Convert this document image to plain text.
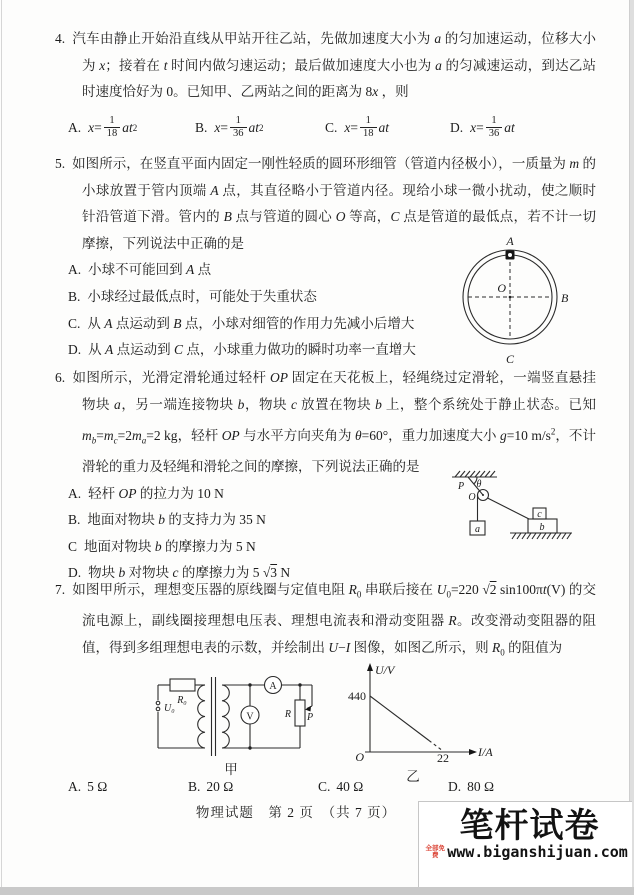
4. 汽车由静止开始沿直线从甲站开往乙站，先做加速度大小为 a 的匀加速运动，位移大小为 x；接着在 t 时间内做匀速运动；最后做加速度大小也为 a 的匀减速运动，到达乙站时速度恰好为 0。已知甲、乙两站之间的距离为 8x ，则

A. $x= \frac{1}{18}$ at 2	B. $x= \frac{1}{36}$ at 2	C. $x= \frac{1}{18}$ at	D. $x= \frac{1}{36}$ at

5. 如图所示，在竖直平面内固定一刚性轻质的圆环形细管（管道内径极小），一质量为 m 的小球放置于管内顶端 A 点，其直径略小于管道内径。现给小球一微小扰动，使之顺时针沿管道下滑。管内的 B 点与管道的圆心 O 等高，C 点是管道的最低点，若不计一切摩擦，下列说法中正确的是

A. 小球不可能回到 A 点
B. 小球经过最低点时，可能处于失重状态
C. 从 A 点运动到 B 点，小球对细管的作用力先减小后增大
D. 从 A 点运动到 C 点，小球重力做功的瞬时功率一直增大
A
B
C
O

6. 如图所示，光滑定滑轮通过轻杆 OP 固定在天花板上，轻绳绕过定滑轮，一端竖直悬挂物块 a，另一端连接物块 b，物块 c 放置在物块 b 上，整个系统处于静止状态。已知 $m_b=m_c=2m_a=2$ kg，轻杆 OP 与水平方向夹角为 θ=60°，重力加速度大小 g=10 $m/s^2$，不计滑轮的重力及轻绳和滑轮之间的摩擦，下列说法正确的是

A. 轻杆 OP 的拉力为 10 N
B. 地面对物块 b 的支持力为 35 N
C 地面对物块 b 的摩擦力为 5 N
D. 物块 b 对物块 c 的摩擦力为 5 √3 N
P θ
O
a
c
b

7. 如图甲所示，理想变压器的原线圈与定值电阻 $R_0$ 串联后接在 $U_0=220$ √2 sin100πt(V) 的交流电源上，副线圈接理想电压表、理想电流表和滑动变阻器 R。改变滑动变阻器的阻值，得到多组理想电表的示数，并绘制出 U−I 图像，如图乙所示，则 $R_0$ 的阻值为

R₀
U₀
A
V	R P
甲
U/V
I/A
O
440
22
乙
A. 5 Ω	B. 20 Ω	C. 40 Ω	D. 80 Ω
物理试题　第 2 页　（共 7 页）	笔杆试卷
全部免费 www.biganshijuan.com
